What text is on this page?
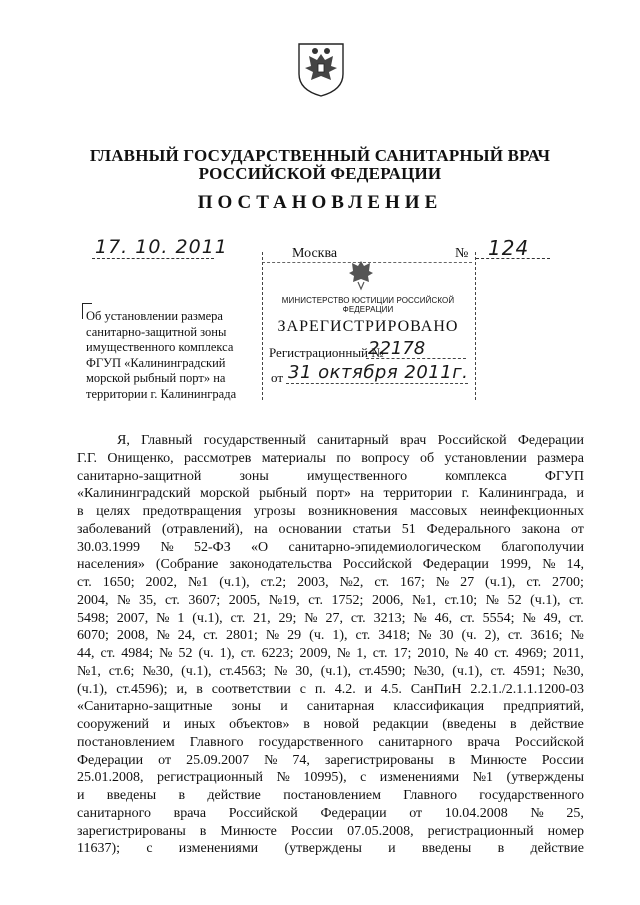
ГЛАВНЫЙ ГОСУДАРСТВЕННЫЙ САНИТАРНЫЙ ВРАЧ
РОССИЙСКОЙ ФЕДЕРАЦИИ
ПОСТАНОВЛЕНИЕ
17. 10. 2011	Москва	№ 124
МИНИСТЕРСТВО ЮСТИЦИИ РОССИЙСКОЙ ФЕДЕРАЦИИ
ЗАРЕГИСТРИРОВАНО
Регистрационный №
22178
от 31 октября 2011г.
Об установлении размера
санитарно-защитной зоны
имущественного комплекса
ФГУП «Калининградский
морской рыбный порт» на
территории г. Калининграда
Я, Главный государственный санитарный врач Российской Федерации
Г.Г. Онищенко, рассмотрев материалы по вопросу об установлении размера
санитарно-защитной	зоны	имущественного	комплекса	ФГУП
«Калининградский морской рыбный порт» на территории г. Калининграда, и
в целях предотвращения угрозы возникновения массовых неинфекционных
заболеваний (отравлений), на основании статьи 51 Федерального закона от
30.03.1999 № 52-ФЗ «О санитарно-эпидемиологическом благополучии
населения» (Собрание законодательства Российской Федерации 1999, № 14,
ст. 1650; 2002, №1 (ч.1), ст.2; 2003, №2, ст. 167; № 27 (ч.1), ст. 2700;
2004, № 35, ст. 3607; 2005, №19, ст. 1752; 2006, №1, ст.10; № 52 (ч.1), ст.
5498; 2007, № 1 (ч.1), ст. 21, 29; № 27, ст. 3213; № 46, ст. 5554; № 49, ст.
6070; 2008, № 24, ст. 2801; № 29 (ч. 1), ст. 3418; № 30 (ч. 2), ст. 3616; №
44, ст. 4984; № 52 (ч. 1), ст. 6223; 2009, № 1, ст. 17; 2010, № 40 ст. 4969; 2011,
№1, ст.6; №30, (ч.1), ст.4563; № 30, (ч.1), ст.4590; №30, (ч.1), ст. 4591; №30,
(ч.1), ст.4596); и, в соответствии с п. 4.2. и 4.5. СанПиН 2.2.1./2.1.1.1200-03
«Санитарно-защитные зоны и санитарная классификация предприятий,
сооружений и иных объектов» в новой редакции (введены в действие
постановлением Главного государственного санитарного врача Российской
Федерации от 25.09.2007 № 74, зарегистрированы в Минюсте России
25.01.2008, регистрационный № 10995), с изменениями №1 (утверждены
и введены в действие постановлением Главного государственного
санитарного врача Российской Федерации от 10.04.2008 № 25,
зарегистрированы в Минюсте России 07.05.2008, регистрационный номер
11637); с изменениями (утверждены и введены в действие
